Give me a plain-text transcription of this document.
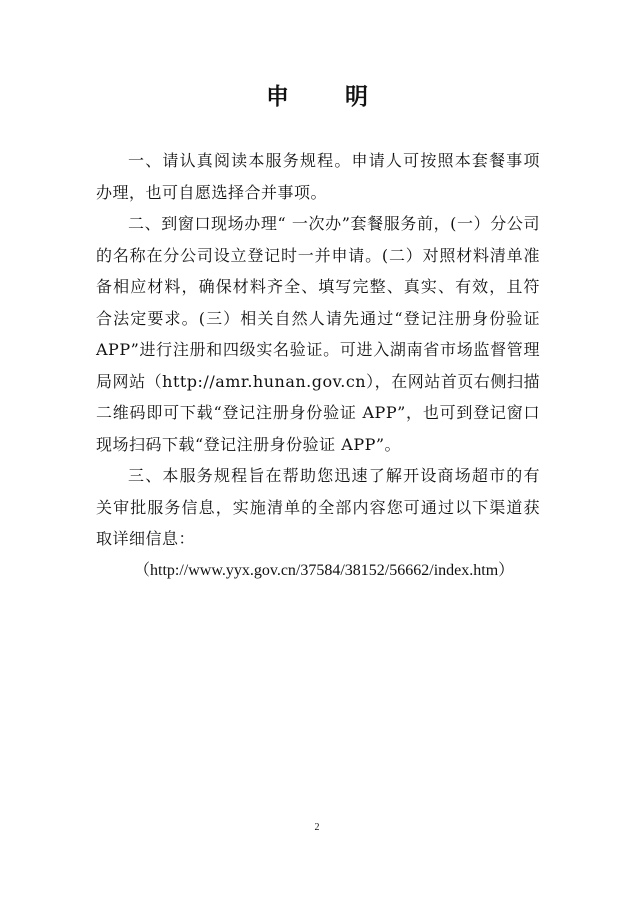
申 明

一、请认真阅读本服务规程。申请人可按照本套餐事项办理，也可自愿选择合并事项。

二、到窗口现场办理“ 一次办”套餐服务前，(一）分公司的名称在分公司设立登记时一并申请。(二）对照材料清单准备相应材料，确保材料齐全、填写完整、真实、有效，且符合法定要求。(三）相关自然人请先通过“登记注册身份验证APP”进行注册和四级实名验证。可进入湖南省市场监督管理局网站（http://amr.hunan.gov.cn），在网站首页右侧扫描二维码即可下载“登记注册身份验证 APP”，也可到登记窗口现场扫码下载“登记注册身份验证 APP”。

三、本服务规程旨在帮助您迅速了解开设商场超市的有关审批服务信息，实施清单的全部内容您可通过以下渠道获取详细信息：

（http://www.yyx.gov.cn/37584/38152/56662/index.htm）

2
